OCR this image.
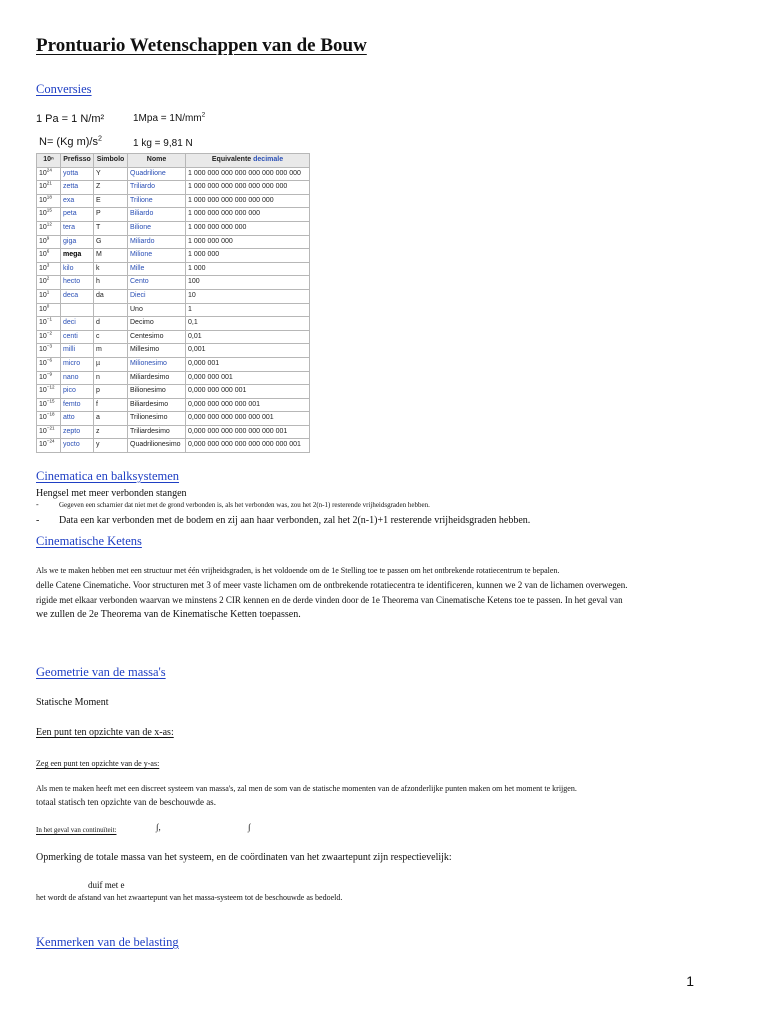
Prontuario Wetenschappen van de Bouw
Conversies
1 Pa = 1 N/m²	$1Mpa = 1N/mm^2$
N= (Kg $m)/s^2$	1 kg = 9,81 N
10ⁿ	Prefisso	Simbolo	Nome	Equivalente decimale
$10^{24}$	yotta	Y	Quadrilione	1 000 000 000 000 000 000 000 000
$10^{21}$	zetta	Z	Triliardo	1 000 000 000 000 000 000 000
$10^{18}$	exa	E	Trilione	1 000 000 000 000 000 000
$10^{15}$	peta	P	Biliardo	1 000 000 000 000 000
$10^{12}$	tera	T	Bilione	1 000 000 000 000
$10^9$	giga	G	Miliardo	1 000 000 000
$10^6$	mega	M	Milione	1 000 000
$10^3$	kilo	k	Mille	1 000
$10^2$	hecto	h	Cento	100
$10^1$	deca	da	Dieci	10
$10^0$			Uno	1
$10^{-1}$	deci	d	Decimo	0,1
$10^{-2}$	centi	c	Centesimo	0,01
$10^{-3}$	milli	m	Millesimo	0,001
$10^{-6}$	micro	µ	Milionesimo	0,000 001
$10^{-9}$	nano	n	Miliardesimo	0,000 000 001
$10^{-12}$	pico	p	Bilionesimo	0,000 000 000 001
$10^{-15}$	femto	f	Biliardesimo	0,000 000 000 000 001
$10^{-18}$	atto	a	Trilionesimo	0,000 000 000 000 000 001
$10^{-21}$	zepto	z	Triliardesimo	0,000 000 000 000 000 000 001
$10^{-24}$	yocto	y	Quadrilionesimo	0,000 000 000 000 000 000 000 001
Cinematica en balksystemen
Hengsel met meer verbonden stangen
-	Gegeven een scharnier dat niet met de grond verbonden is, als het verbonden was, zou het 2(n-1) resterende vrijheidsgraden hebben.
- Data een kar verbonden met de bodem en zij aan haar verbonden, zal het 2(n-1)+1 resterende vrijheidsgraden hebben.
Cinematische Ketens
Als we te maken hebben met een structuur met één vrijheidsgraden, is het voldoende om de 1e Stelling toe te passen om het ontbrekende rotatiecentrum te bepalen.
delle Catene Cinematiche. Voor structuren met 3 of meer vaste lichamen om de ontbrekende rotatiecentra te identificeren, kunnen we 2 van de lichamen overwegen.
rigide met elkaar verbonden waarvan we minstens 2 CIR kennen en de derde vinden door de 1e Theorema van Cinematische Ketens toe te passen. In het geval van
we zullen de 2e Theorema van de Kinematische Ketten toepassen.
Geometrie van de massa's
Statische Moment
Een punt ten opzichte van de x-as:
Zeg een punt ten opzichte van de y-as:
Als men te maken heeft met een discreet systeem van massa's, zal men de som van de statische momenten van de afzonderlijke punten maken om het moment te krijgen.
totaal statisch ten opzichte van de beschouwde as.
In het geval van continuïteit:	∫,	∫
Opmerking de totale massa van het systeem, en de coördinaten van het zwaartepunt zijn respectievelijk:
duif met e
het wordt de afstand van het zwaartepunt van het massa-systeem tot de beschouwde as bedoeld.
Kenmerken van de belasting
1
